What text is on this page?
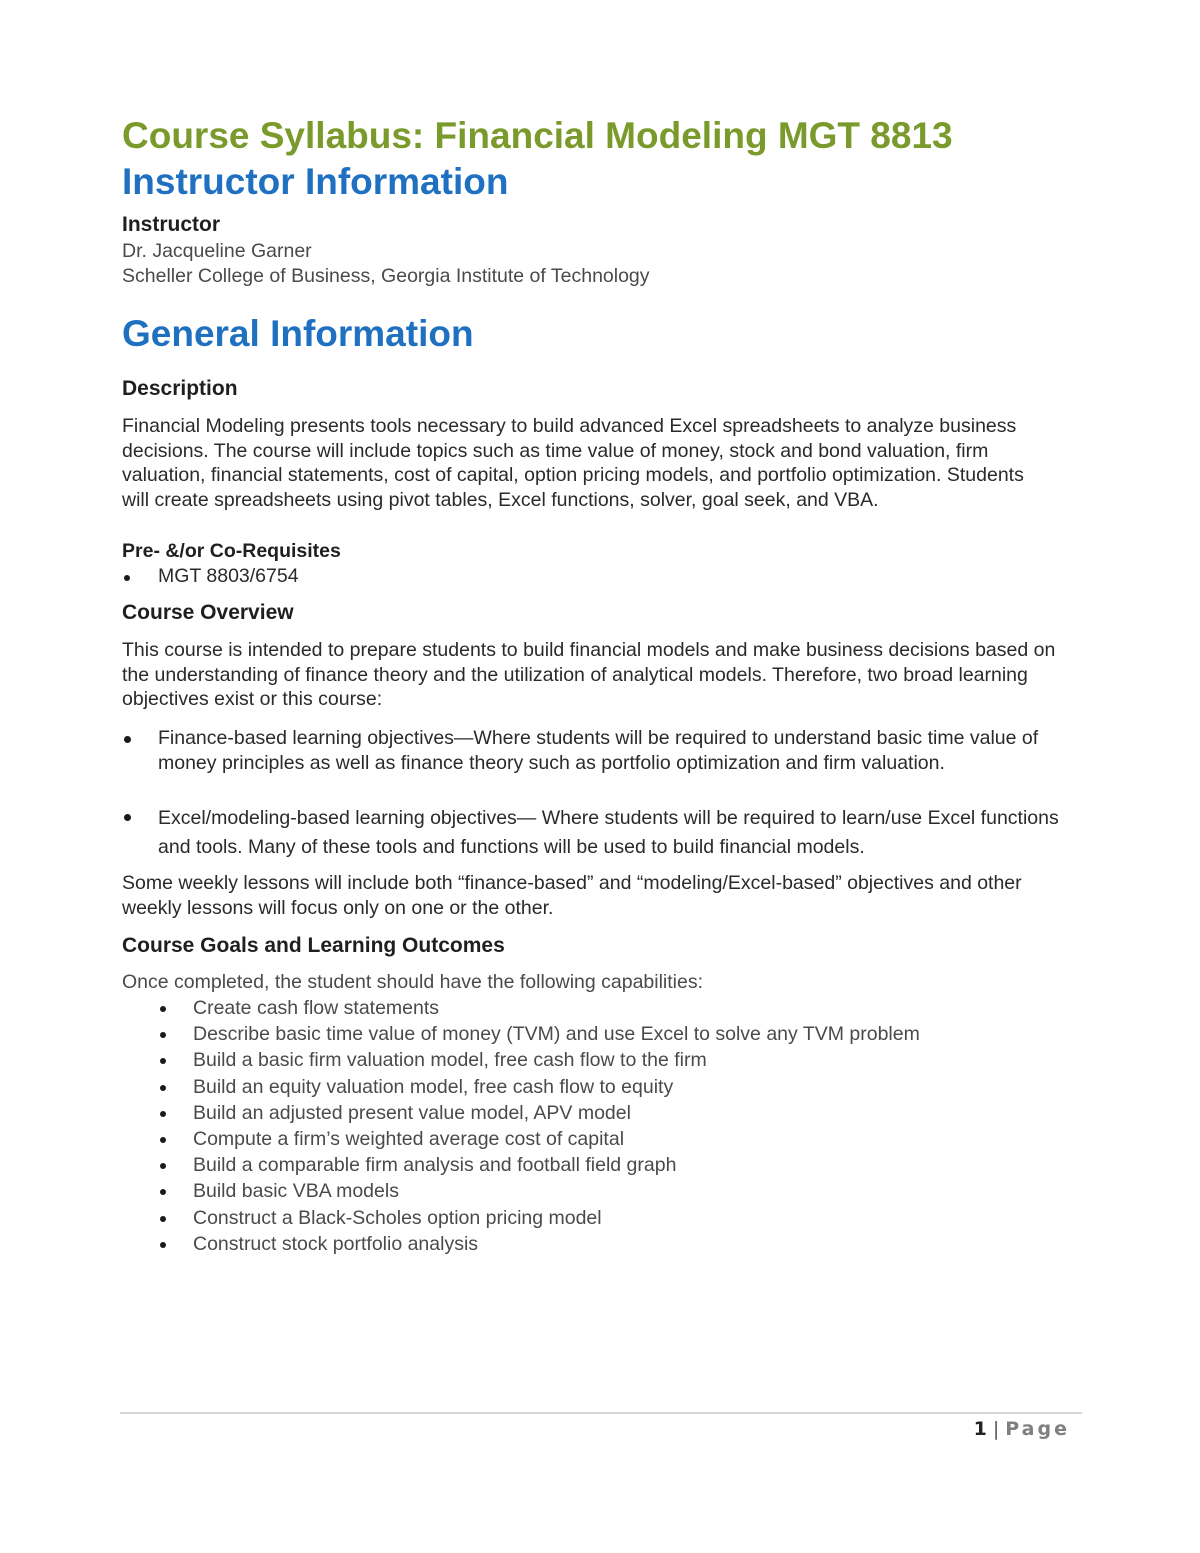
Course Syllabus: Financial Modeling MGT 8813
Instructor Information
Instructor
Dr. Jacqueline Garner
Scheller College of Business, Georgia Institute of Technology
General Information
Description

Financial Modeling presents tools necessary to build advanced Excel spreadsheets to analyze business decisions. The course will include topics such as time value of money, stock and bond valuation, firm valuation, financial statements, cost of capital, option pricing models, and portfolio optimization. Students will create spreadsheets using pivot tables, Excel functions, solver, goal seek, and VBA.

Pre- &/or Co-Requisites
MGT 8803/6754
Course Overview

This course is intended to prepare students to build financial models and make business decisions based on the understanding of finance theory and the utilization of analytical models. Therefore, two broad learning objectives exist or this course:

Finance-based learning objectives—Where students will be required to understand basic time value of money principles as well as finance theory such as portfolio optimization and firm valuation.
Excel/modeling-based learning objectives— Where students will be required to learn/use Excel functions and tools. Many of these tools and functions will be used to build financial models.

Some weekly lessons will include both “finance-based” and “modeling/Excel-based” objectives and other weekly lessons will focus only on one or the other.

Course Goals and Learning Outcomes
Once completed, the student should have the following capabilities:
Create cash flow statements
Describe basic time value of money (TVM) and use Excel to solve any TVM problem
Build a basic firm valuation model, free cash flow to the firm
Build an equity valuation model, free cash flow to equity
Build an adjusted present value model, APV model
Compute a firm’s weighted average cost of capital
Build a comparable firm analysis and football field graph
Build basic VBA models
Construct a Black-Scholes option pricing model
Construct stock portfolio analysis
1 | Page
